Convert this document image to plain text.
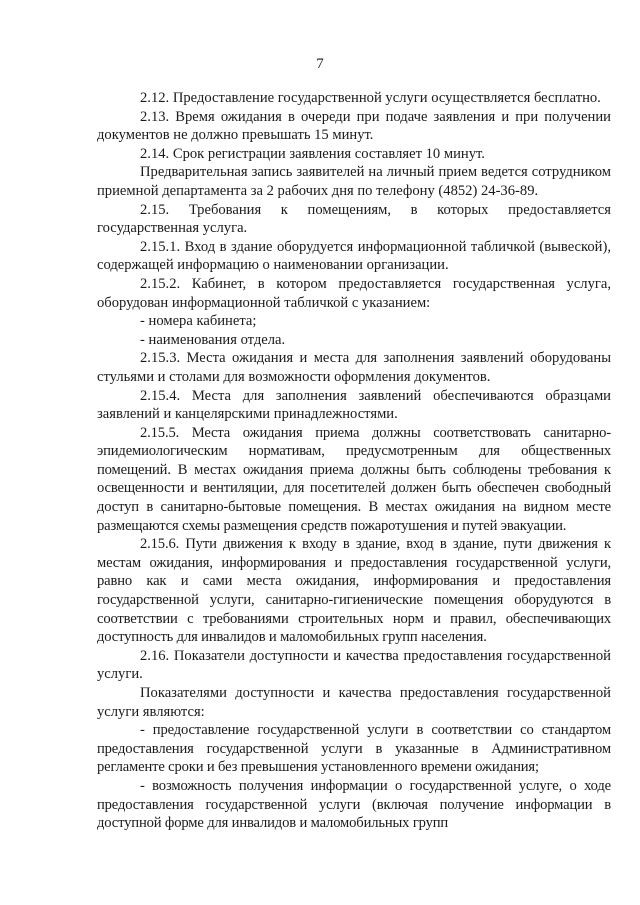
7

2.12. Предоставление государственной услуги осуществляется бесплатно.

2.13. Время ожидания в очереди при подаче заявления и при получении документов не должно превышать 15 минут.

2.14. Срок регистрации заявления составляет 10 минут.

Предварительная запись заявителей на личный прием ведется сотрудником приемной департамента за 2 рабочих дня по телефону (4852) 24-36-89.

2.15. Требования к помещениям, в которых предоставляется государственная услуга.

2.15.1. Вход в здание оборудуется информационной табличкой (вывеской), содержащей информацию о наименовании организации.

2.15.2. Кабинет, в котором предоставляется государственная услуга, оборудован информационной табличкой с указанием:

- номера кабинета;

- наименования отдела.

2.15.3. Места ожидания и места для заполнения заявлений оборудованы стульями и столами для возможности оформления документов.

2.15.4. Места для заполнения заявлений обеспечиваются образцами заявлений и канцелярскими принадлежностями.

2.15.5. Места ожидания приема должны соответствовать санитарно-эпидемиологическим нормативам, предусмотренным для общественных помещений. В местах ожидания приема должны быть соблюдены требования к освещенности и вентиляции, для посетителей должен быть обеспечен свободный доступ в санитарно-бытовые помещения. В местах ожидания на видном месте размещаются схемы размещения средств пожаротушения и путей эвакуации.

2.15.6. Пути движения к входу в здание, вход в здание, пути движения к местам ожидания, информирования и предоставления государственной услуги, равно как и сами места ожидания, информирования и предоставления государственной услуги, санитарно-гигиенические помещения оборудуются в соответствии с требованиями строительных норм и правил, обеспечивающих доступность для инвалидов и маломобильных групп населения.

2.16. Показатели доступности и качества предоставления государственной услуги.

Показателями доступности и качества предоставления государственной услуги являются:

- предоставление государственной услуги в соответствии со стандартом предоставления государственной услуги в указанные в Административном регламенте сроки и без превышения установленного времени ожидания;

- возможность получения информации о государственной услуге, о ходе предоставления государственной услуги (включая получение информации в доступной форме для инвалидов и маломобильных групп
